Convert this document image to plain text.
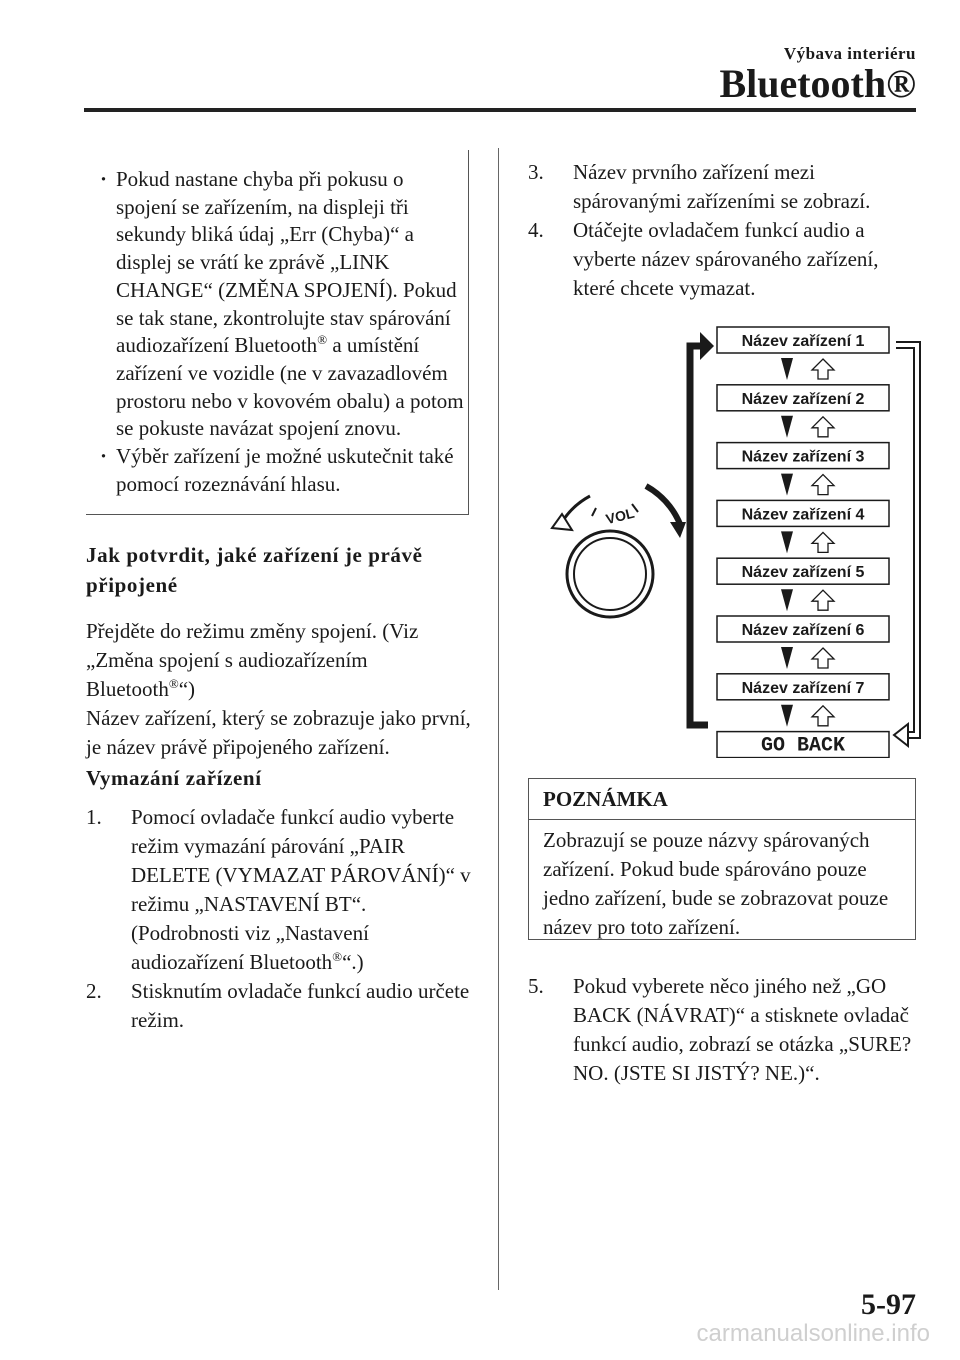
Výbava interiéru
Bluetooth®
· Pokud nastane chyba při pokusu o spojení se zařízením, na displeji tři sekundy bliká údaj „Err (Chyba)“ a displej se vrátí ke zprávě „LINK CHANGE“ (ZMĚNA SPOJENÍ). Pokud se tak stane, zkontrolujte stav spárování audiozařízení Bluetooth® a umístění zařízení ve vozidle (ne v zavazadlovém prostoru nebo v kovovém obalu) a potom se pokuste navázat spojení znovu.
· Výběr zařízení je možné uskutečnit také pomocí rozeznávání hlasu.
Jak potvrdit, jaké zařízení je právě připojené
Přejděte do režimu změny spojení. (Viz „Změna spojení s audiozařízením Bluetooth®“)
Název zařízení, který se zobrazuje jako první, je název právě připojeného zařízení.
Vymazání zařízení
1. Pomocí ovladače funkcí audio vyberte režim vymazání párování „PAIR DELETE (VYMAZAT PÁROVÁNÍ)“ v režimu „NASTAVENÍ BT“. (Podrobnosti viz „Nastavení audiozařízení Bluetooth®“.)
2. Stisknutím ovladače funkcí audio určete režim.
3. Název prvního zařízení mezi spárovanými zařízeními se zobrazí.
4. Otáčejte ovladačem funkcí audio a vyberte název spárovaného zařízení, které chcete vymazat.
Název zařízení 1
Název zařízení 2
Název zařízení 3
Název zařízení 4
Název zařízení 5
Název zařízení 6
Název zařízení 7
GO BACK
VOL
POZNÁMKA
Zobrazují se pouze názvy spárovaných zařízení. Pokud bude spárováno pouze jedno zařízení, bude se zobrazovat pouze název pro toto zařízení.
5. Pokud vyberete něco jiného než „GO BACK (NÁVRAT)“ a stisknete ovladač funkcí audio, zobrazí se otázka „SURE? NO. (JSTE SI JISTÝ? NE.)“.
5-97
carmanualsonline.info
